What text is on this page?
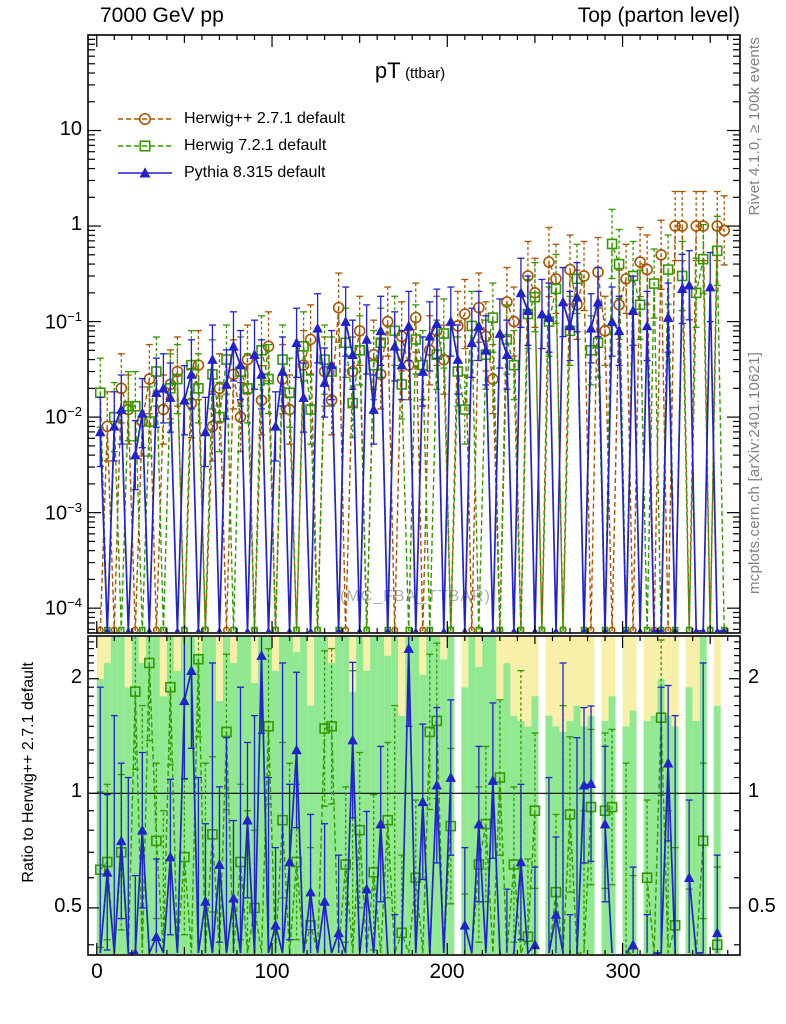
(MC_FBA_TTBAR)
7000 GeV pp	Top (parton level)
pT (ttbar)
Herwig++ 2.7.1 default
Herwig 7.2.1 default
Pythia 8.315 default	Rivet 4.1.0, ≥ 100k events
mcplots.cern.ch [arXiv:2401.10621]
Ratio to Herwig++ 2.7.1 default
10
1
$10^{-1}$
$10^{-2}$
$10^{-3}$
$10^{-4}$
2
1
0.5
2
1
0.5
0	100	200	300
